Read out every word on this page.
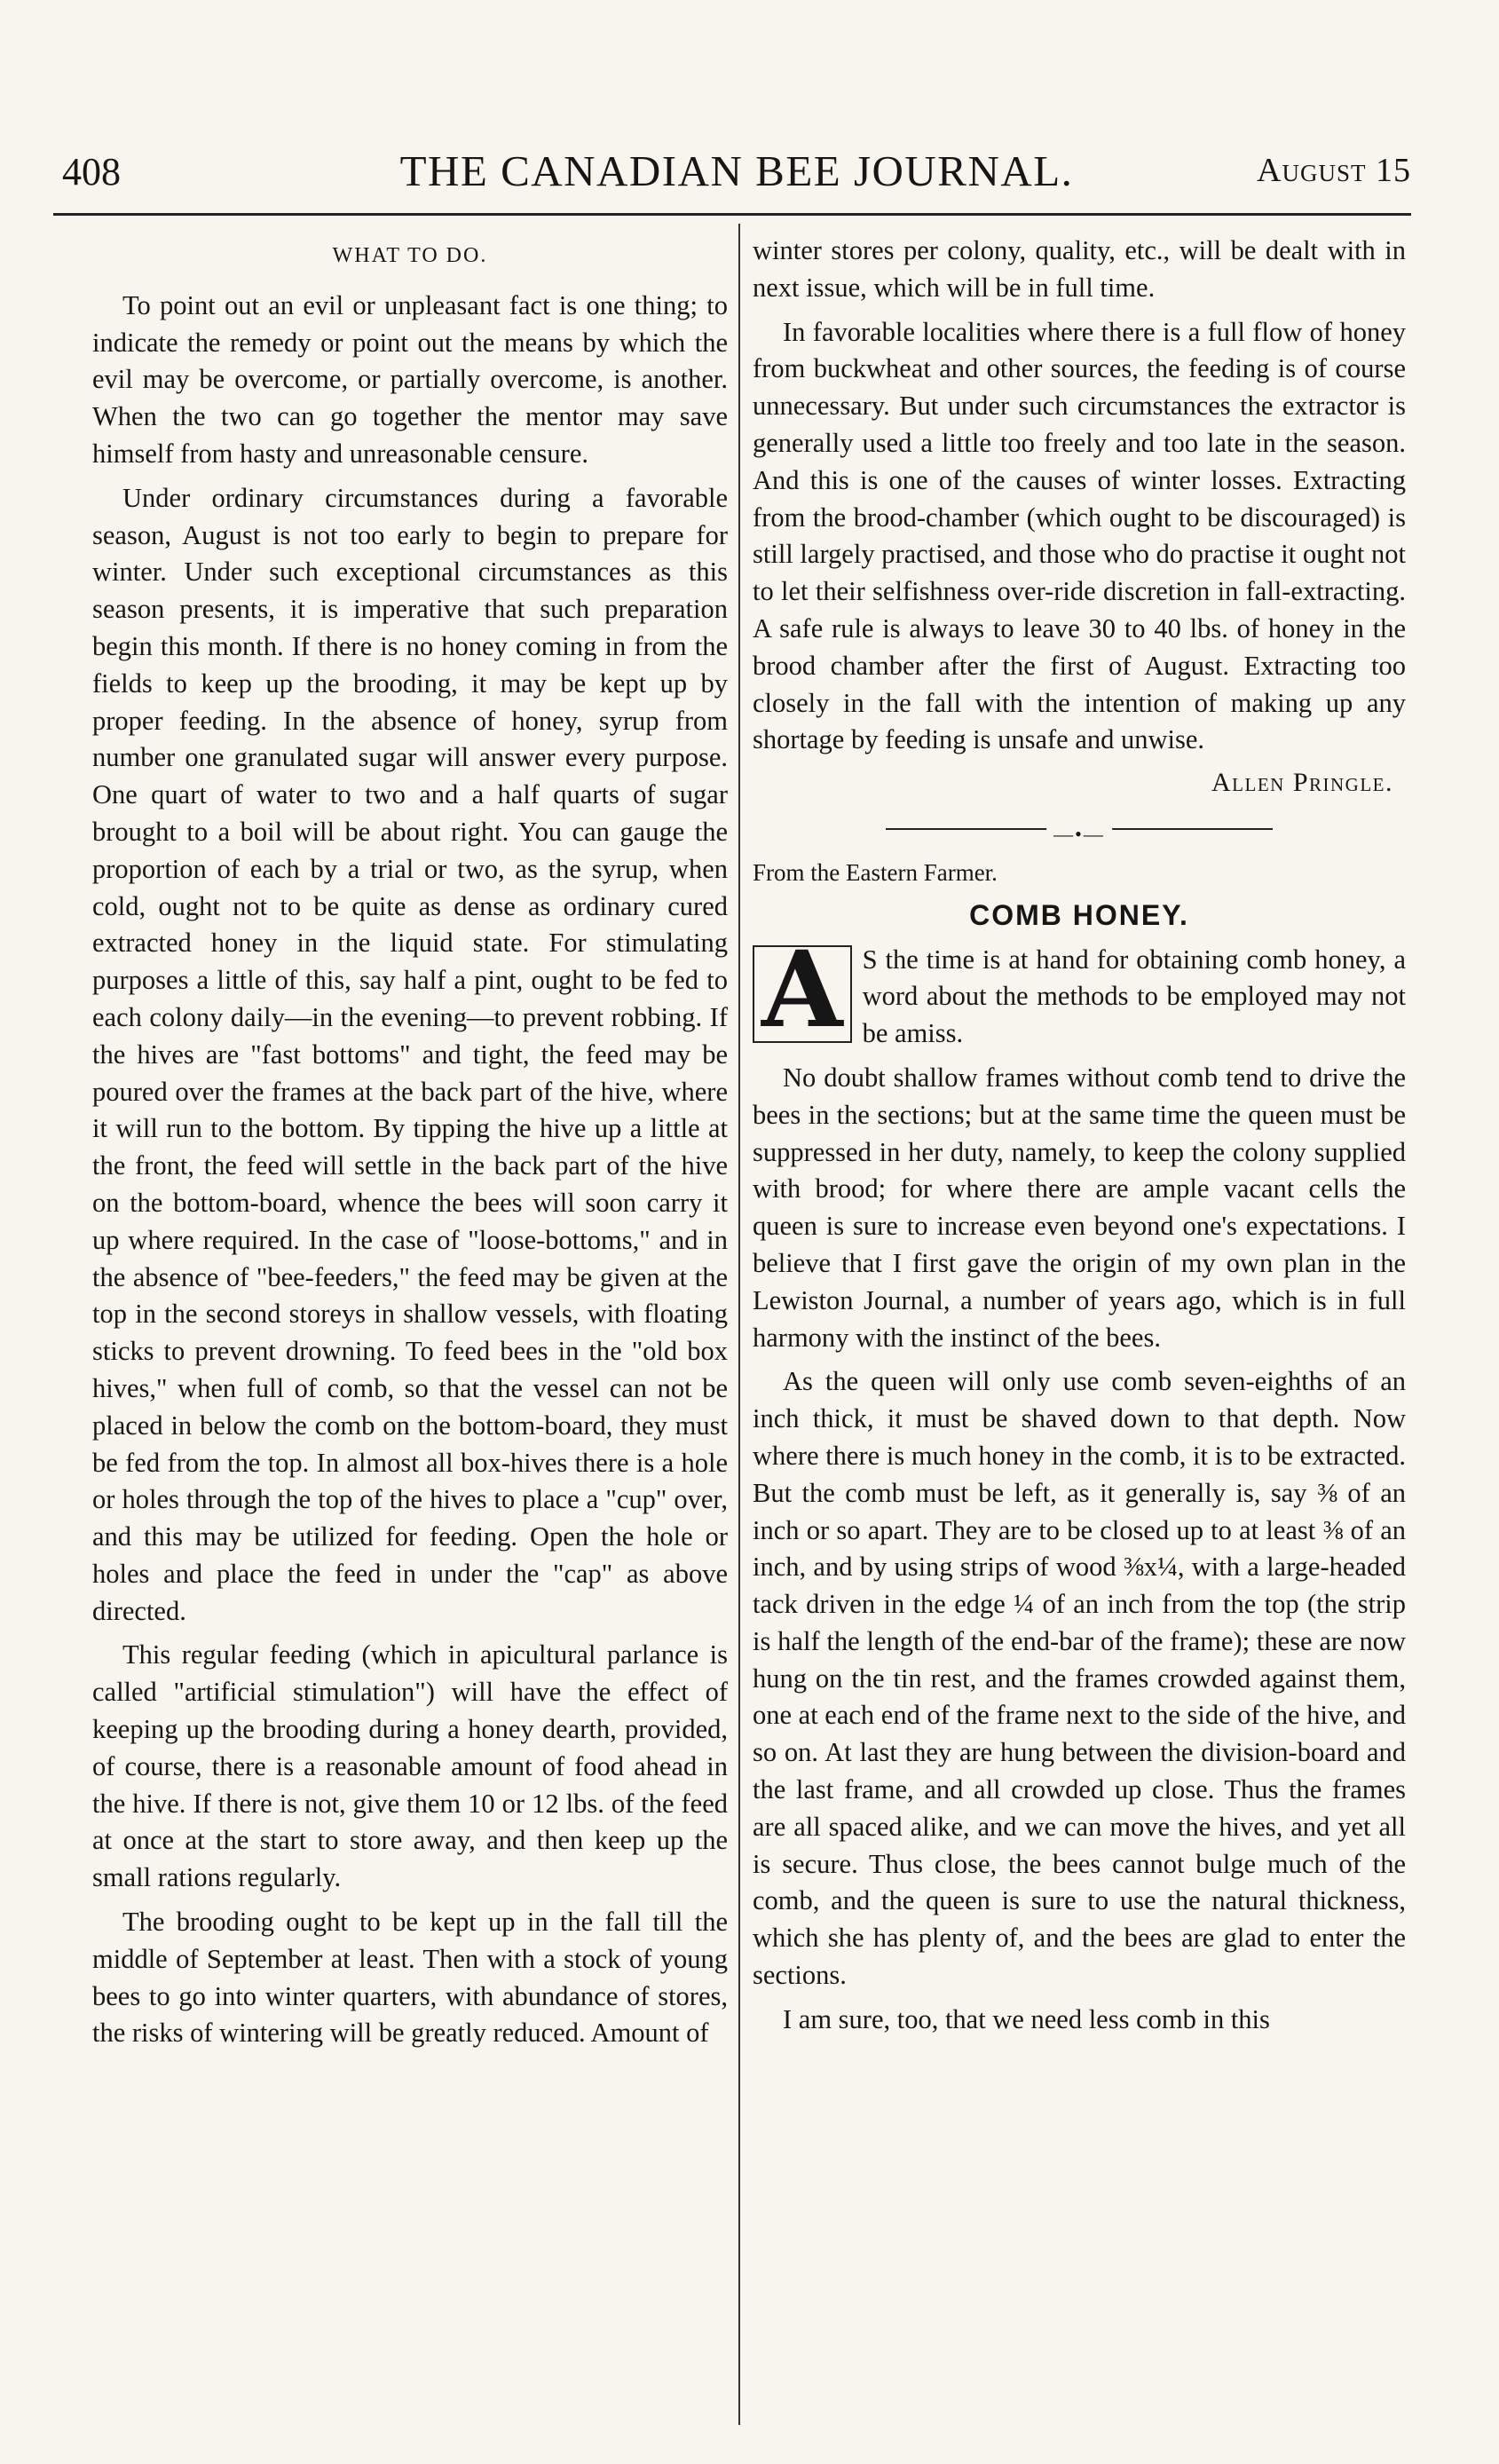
408	THE CANADIAN BEE JOURNAL.	August 15
WHAT TO DO.

To point out an evil or unpleasant fact is one thing; to indicate the remedy or point out the means by which the evil may be overcome, or partially overcome, is another. When the two can go together the mentor may save himself from hasty and unreasonable censure.

Under ordinary circumstances during a favorable season, August is not too early to begin to prepare for winter. Under such exceptional circumstances as this season presents, it is imperative that such preparation begin this month. If there is no honey coming in from the fields to keep up the brooding, it may be kept up by proper feeding. In the absence of honey, syrup from number one granulated sugar will answer every purpose. One quart of water to two and a half quarts of sugar brought to a boil will be about right. You can gauge the proportion of each by a trial or two, as the syrup, when cold, ought not to be quite as dense as ordinary cured extracted honey in the liquid state. For stimulating purposes a little of this, say half a pint, ought to be fed to each colony daily—in the evening—to prevent robbing. If the hives are "fast bottoms" and tight, the feed may be poured over the frames at the back part of the hive, where it will run to the bottom. By tipping the hive up a little at the front, the feed will settle in the back part of the hive on the bottom-board, whence the bees will soon carry it up where required. In the case of "loose-bottoms," and in the absence of "bee-feeders," the feed may be given at the top in the second storeys in shallow vessels, with floating sticks to prevent drowning. To feed bees in the "old box hives," when full of comb, so that the vessel can not be placed in below the comb on the bottom-board, they must be fed from the top. In almost all box-hives there is a hole or holes through the top of the hives to place a "cup" over, and this may be utilized for feeding. Open the hole or holes and place the feed in under the "cap" as above directed.

This regular feeding (which in apicultural parlance is called "artificial stimulation") will have the effect of keeping up the brooding during a honey dearth, provided, of course, there is a reasonable amount of food ahead in the hive. If there is not, give them 10 or 12 lbs. of the feed at once at the start to store away, and then keep up the small rations regularly.

The brooding ought to be kept up in the fall till the middle of September at least. Then with a stock of young bees to go into winter quarters, with abundance of stores, the risks of wintering will be greatly reduced. Amount of

winter stores per colony, quality, etc., will be dealt with in next issue, which will be in full time.

In favorable localities where there is a full flow of honey from buckwheat and other sources, the feeding is of course unnecessary. But under such circumstances the extractor is generally used a little too freely and too late in the season. And this is one of the causes of winter losses. Extracting from the brood-chamber (which ought to be discouraged) is still largely practised, and those who do practise it ought not to let their selfishness over-ride discretion in fall-extracting. A safe rule is always to leave 30 to 40 lbs. of honey in the brood chamber after the first of August. Extracting too closely in the fall with the intention of making up any shortage by feeding is unsafe and unwise.

Allen Pringle.
—•—
From the Eastern Farmer.
COMB HONEY.

A S the time is at hand for obtaining comb honey, a word about the methods to be employed may not be amiss.

No doubt shallow frames without comb tend to drive the bees in the sections; but at the same time the queen must be suppressed in her duty, namely, to keep the colony supplied with brood; for where there are ample vacant cells the queen is sure to increase even beyond one's expectations. I believe that I first gave the origin of my own plan in the Lewiston Journal, a number of years ago, which is in full harmony with the instinct of the bees.

As the queen will only use comb seven-eighths of an inch thick, it must be shaved down to that depth. Now where there is much honey in the comb, it is to be extracted. But the comb must be left, as it generally is, say ⅜ of an inch or so apart. They are to be closed up to at least ⅜ of an inch, and by using strips of wood ⅜x¼, with a large-headed tack driven in the edge ¼ of an inch from the top (the strip is half the length of the end-bar of the frame); these are now hung on the tin rest, and the frames crowded against them, one at each end of the frame next to the side of the hive, and so on. At last they are hung between the division-board and the last frame, and all crowded up close. Thus the frames are all spaced alike, and we can move the hives, and yet all is secure. Thus close, the bees cannot bulge much of the comb, and the queen is sure to use the natural thickness, which she has plenty of, and the bees are glad to enter the sections.

I am sure, too, that we need less comb in this
